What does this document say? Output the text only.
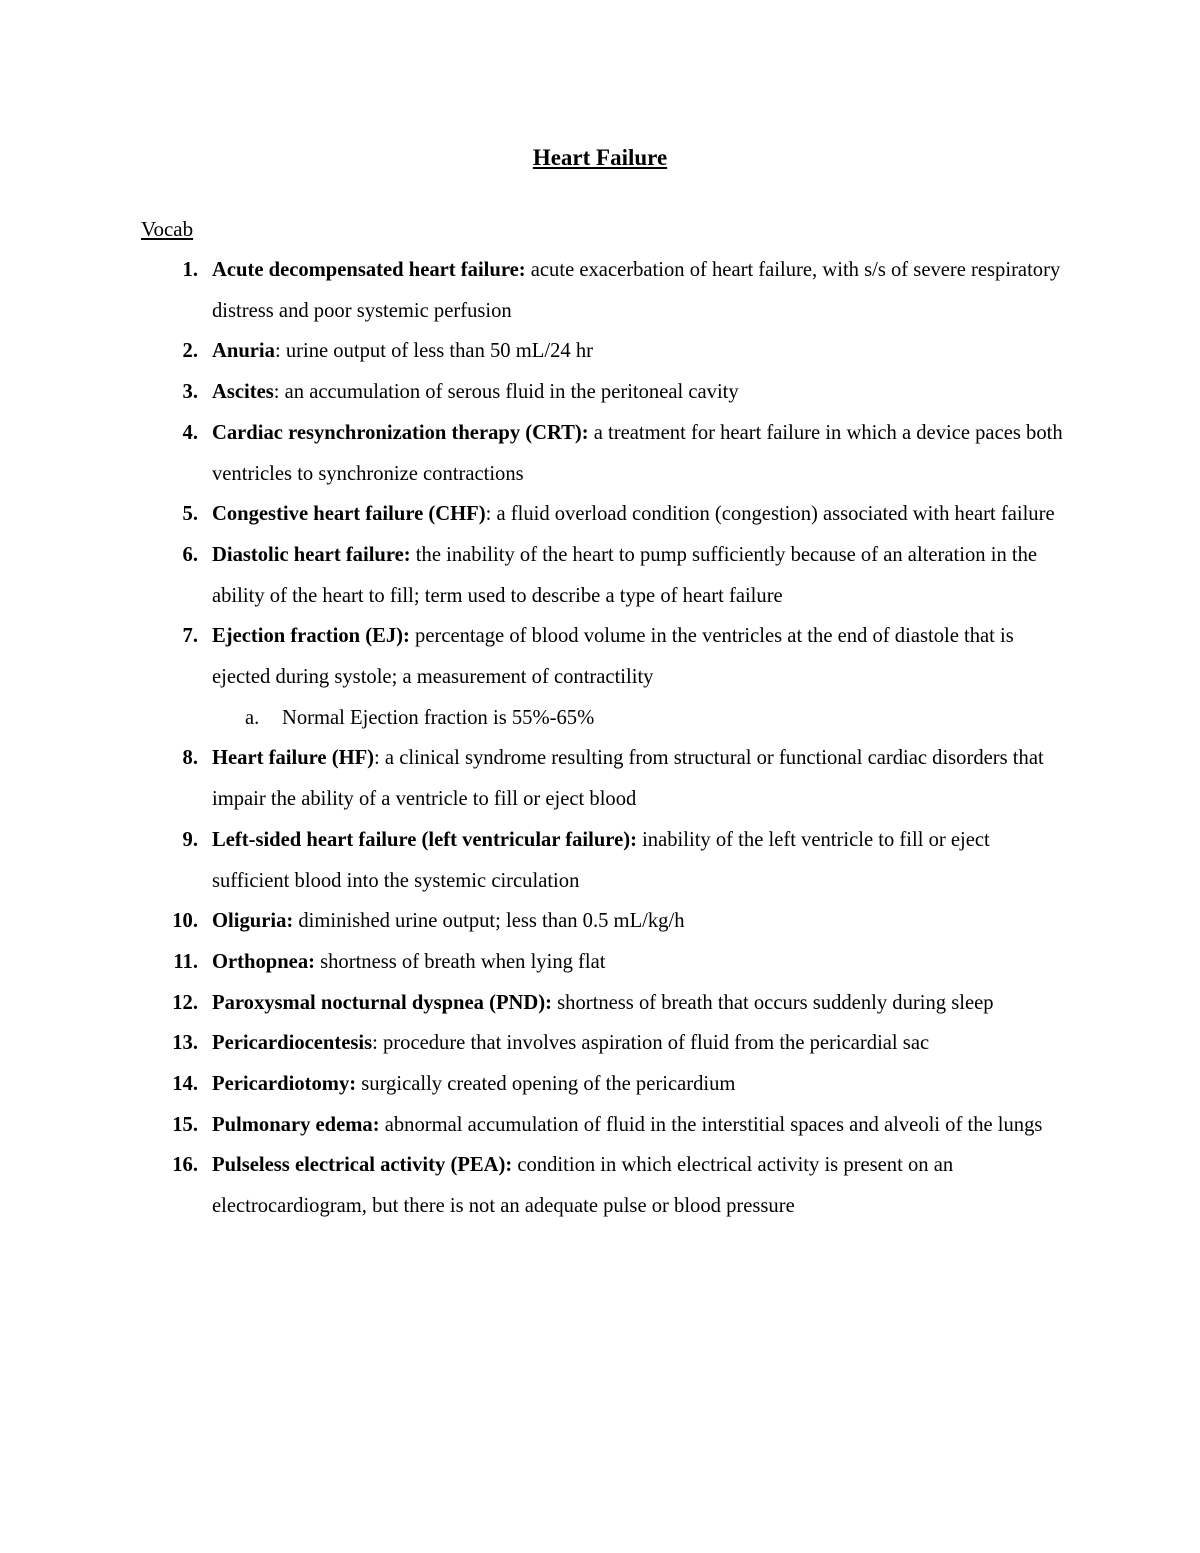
Heart Failure
Vocab
1. Acute decompensated heart failure: acute exacerbation of heart failure, with s/s of severe respiratory distress and poor systemic perfusion
2. Anuria: urine output of less than 50 mL/24 hr
3. Ascites: an accumulation of serous fluid in the peritoneal cavity
4. Cardiac resynchronization therapy (CRT): a treatment for heart failure in which a device paces both ventricles to synchronize contractions
5. Congestive heart failure (CHF): a fluid overload condition (congestion) associated with heart failure
6. Diastolic heart failure: the inability of the heart to pump sufficiently because of an alteration in the ability of the heart to fill; term used to describe a type of heart failure
7. Ejection fraction (EJ): percentage of blood volume in the ventricles at the end of diastole that is ejected during systole; a measurement of contractility
a. Normal Ejection fraction is 55%-65%
8. Heart failure (HF): a clinical syndrome resulting from structural or functional cardiac disorders that impair the ability of a ventricle to fill or eject blood
9. Left-sided heart failure (left ventricular failure): inability of the left ventricle to fill or eject sufficient blood into the systemic circulation
10. Oliguria: diminished urine output; less than 0.5 mL/kg/h
11. Orthopnea: shortness of breath when lying flat
12. Paroxysmal nocturnal dyspnea (PND): shortness of breath that occurs suddenly during sleep
13. Pericardiocentesis: procedure that involves aspiration of fluid from the pericardial sac
14. Pericardiotomy: surgically created opening of the pericardium
15. Pulmonary edema: abnormal accumulation of fluid in the interstitial spaces and alveoli of the lungs
16. Pulseless electrical activity (PEA): condition in which electrical activity is present on an electrocardiogram, but there is not an adequate pulse or blood pressure
